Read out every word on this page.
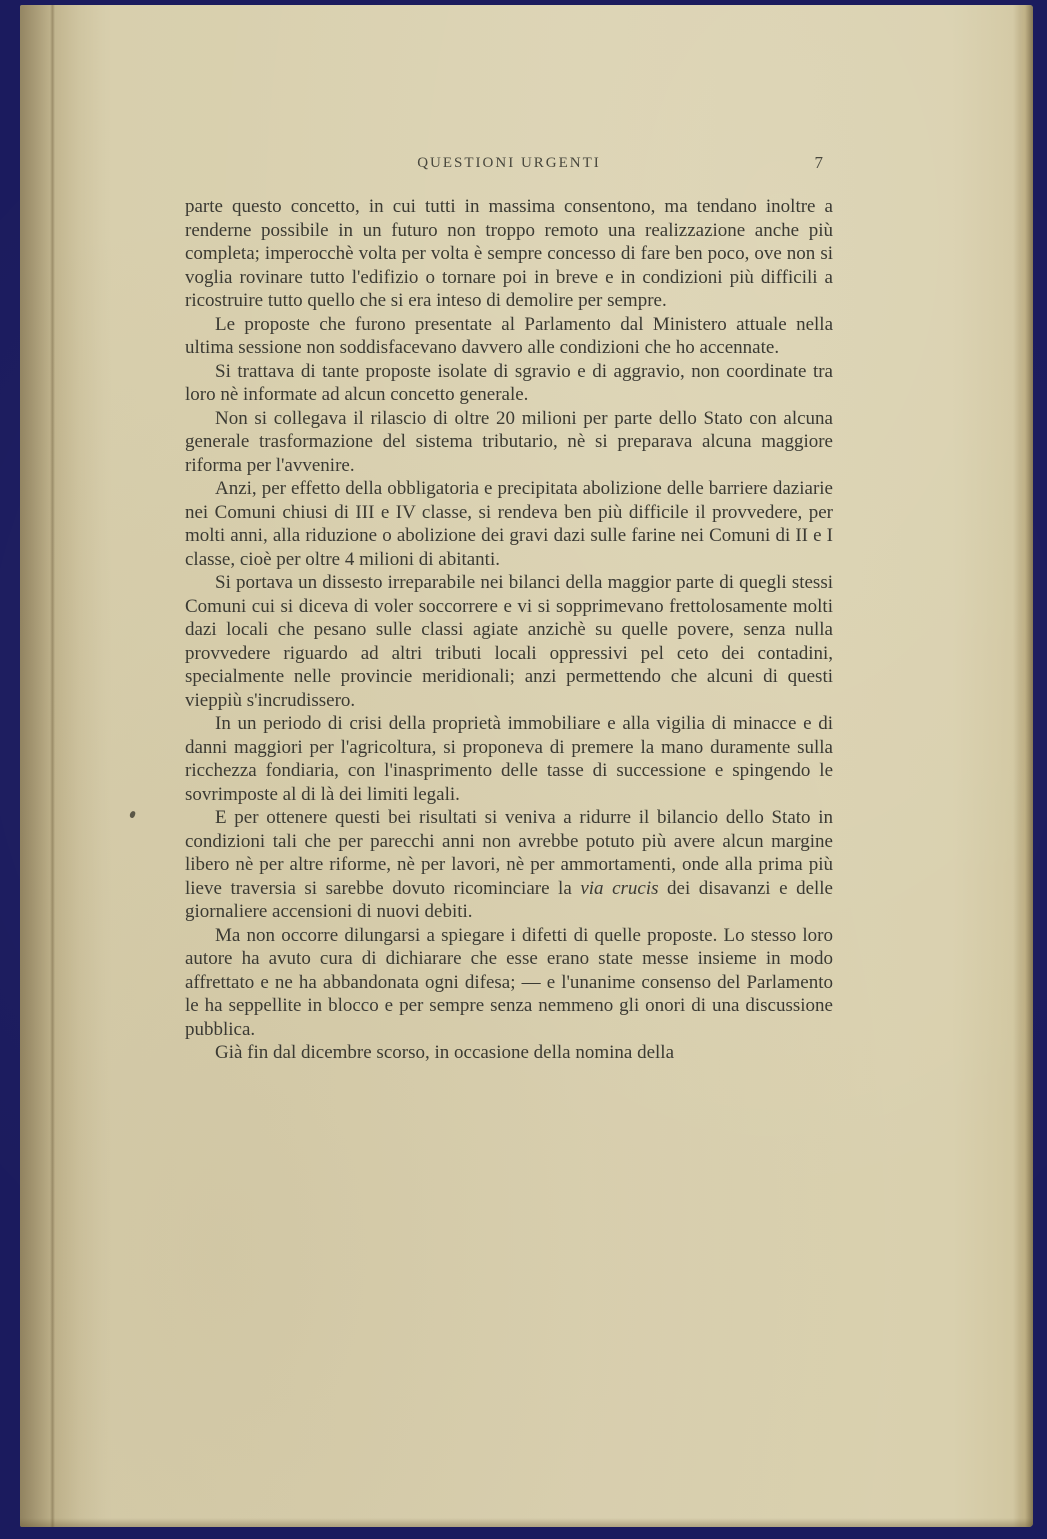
QUESTIONI URGENTI	7

parte questo concetto, in cui tutti in massima consentono, ma tendano inoltre a renderne possibile in un futuro non troppo remoto una realizzazione anche più completa; imperocchè volta per volta è sempre concesso di fare ben poco, ove non si voglia rovinare tutto l'edifizio o tornare poi in breve e in condizioni più difficili a ricostruire tutto quello che si era inteso di demolire per sempre.

Le proposte che furono presentate al Parlamento dal Ministero attuale nella ultima sessione non soddisfacevano davvero alle condizioni che ho accennate.

Si trattava di tante proposte isolate di sgravio e di aggravio, non coordinate tra loro nè informate ad alcun concetto generale.

Non si collegava il rilascio di oltre 20 milioni per parte dello Stato con alcuna generale trasformazione del sistema tributario, nè si preparava alcuna maggiore riforma per l'avvenire.

Anzi, per effetto della obbligatoria e precipitata abolizione delle barriere daziarie nei Comuni chiusi di III e IV classe, si rendeva ben più difficile il provvedere, per molti anni, alla riduzione o abolizione dei gravi dazi sulle farine nei Comuni di II e I classe, cioè per oltre 4 milioni di abitanti.

Si portava un dissesto irreparabile nei bilanci della maggior parte di quegli stessi Comuni cui si diceva di voler soccorrere e vi si sopprimevano frettolosamente molti dazi locali che pesano sulle classi agiate anzichè su quelle povere, senza nulla provvedere riguardo ad altri tributi locali oppressivi pel ceto dei contadini, specialmente nelle provincie meridionali; anzi permettendo che alcuni di questi vieppiù s'incrudissero.

In un periodo di crisi della proprietà immobiliare e alla vigilia di minacce e di danni maggiori per l'agricoltura, si proponeva di premere la mano duramente sulla ricchezza fondiaria, con l'inasprimento delle tasse di successione e spingendo le sovrimposte al di là dei limiti legali.

E per ottenere questi bei risultati si veniva a ridurre il bilancio dello Stato in condizioni tali che per parecchi anni non avrebbe potuto più avere alcun margine libero nè per altre riforme, nè per lavori, nè per ammortamenti, onde alla prima più lieve traversia si sarebbe dovuto ricominciare la via crucis dei disavanzi e delle giornaliere accensioni di nuovi debiti.

Ma non occorre dilungarsi a spiegare i difetti di quelle proposte. Lo stesso loro autore ha avuto cura di dichiarare che esse erano state messe insieme in modo affrettato e ne ha abbandonata ogni difesa; — e l'unanime consenso del Parlamento le ha seppellite in blocco e per sempre senza nemmeno gli onori di una discussione pubblica.

Già fin dal dicembre scorso, in occasione della nomina della
